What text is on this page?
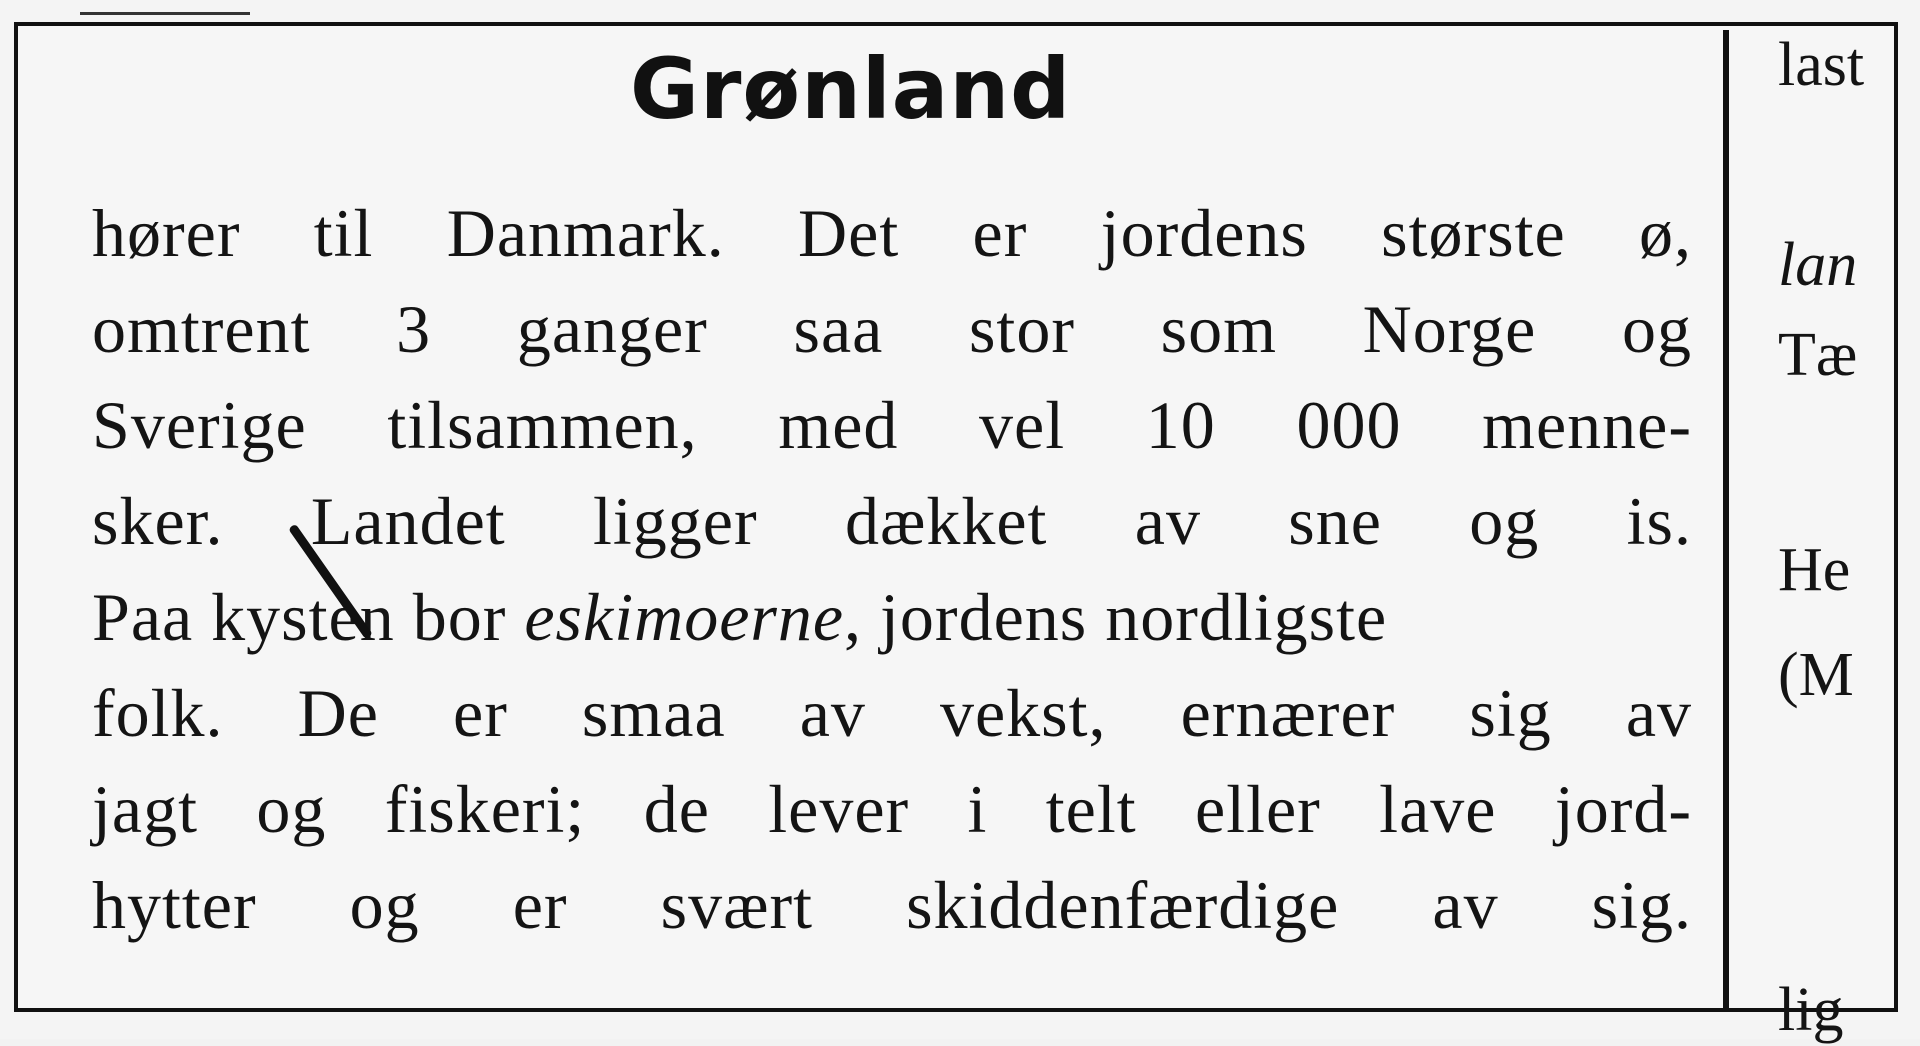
Grønland
hører til Danmark. Det er jordens største ø,
omtrent 3 ganger saa stor som Norge og
Sverige tilsammen, med vel 10 000 menne-
sker. Landet ligger dækket av sne og is.
Paa kysten bor eskimoerne, jordens nordligste
folk. De er smaa av vekst, ernærer sig av
jagt og fiskeri; de lever i telt eller lave jord-
hytter og er svært skiddenfærdige av sig.
last
lan
Tæ
He
(M
lig
